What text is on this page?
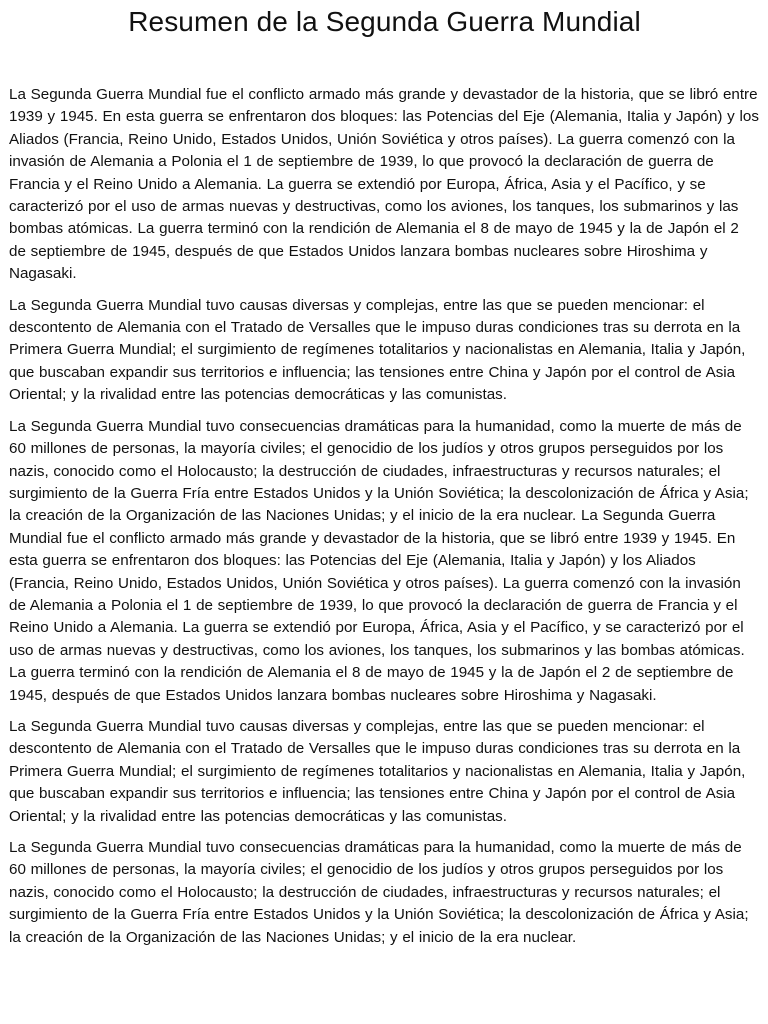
Resumen de la Segunda Guerra Mundial

La Segunda Guerra Mundial fue el conflicto armado más grande y devastador de la historia, que se libró entre 1939 y 1945. En esta guerra se enfrentaron dos bloques: las Potencias del Eje (Alemania, Italia y Japón) y los Aliados (Francia, Reino Unido, Estados Unidos, Unión Soviética y otros países). La guerra comenzó con la invasión de Alemania a Polonia el 1 de septiembre de 1939, lo que provocó la declaración de guerra de Francia y el Reino Unido a Alemania. La guerra se extendió por Europa, África, Asia y el Pacífico, y se caracterizó por el uso de armas nuevas y destructivas, como los aviones, los tanques, los submarinos y las bombas atómicas. La guerra terminó con la rendición de Alemania el 8 de mayo de 1945 y la de Japón el 2 de septiembre de 1945, después de que Estados Unidos lanzara bombas nucleares sobre Hiroshima y Nagasaki.

La Segunda Guerra Mundial tuvo causas diversas y complejas, entre las que se pueden mencionar: el descontento de Alemania con el Tratado de Versalles que le impuso duras condiciones tras su derrota en la Primera Guerra Mundial; el surgimiento de regímenes totalitarios y nacionalistas en Alemania, Italia y Japón, que buscaban expandir sus territorios e influencia; las tensiones entre China y Japón por el control de Asia Oriental; y la rivalidad entre las potencias democráticas y las comunistas.

La Segunda Guerra Mundial tuvo consecuencias dramáticas para la humanidad, como la muerte de más de 60 millones de personas, la mayoría civiles; el genocidio de los judíos y otros grupos perseguidos por los nazis, conocido como el Holocausto; la destrucción de ciudades, infraestructuras y recursos naturales; el surgimiento de la Guerra Fría entre Estados Unidos y la Unión Soviética; la descolonización de África y Asia; la creación de la Organización de las Naciones Unidas; y el inicio de la era nuclear. La Segunda Guerra Mundial fue el conflicto armado más grande y devastador de la historia, que se libró entre 1939 y 1945. En esta guerra se enfrentaron dos bloques: las Potencias del Eje (Alemania, Italia y Japón) y los Aliados (Francia, Reino Unido, Estados Unidos, Unión Soviética y otros países). La guerra comenzó con la invasión de Alemania a Polonia el 1 de septiembre de 1939, lo que provocó la declaración de guerra de Francia y el Reino Unido a Alemania. La guerra se extendió por Europa, África, Asia y el Pacífico, y se caracterizó por el uso de armas nuevas y destructivas, como los aviones, los tanques, los submarinos y las bombas atómicas. La guerra terminó con la rendición de Alemania el 8 de mayo de 1945 y la de Japón el 2 de septiembre de 1945, después de que Estados Unidos lanzara bombas nucleares sobre Hiroshima y Nagasaki.

La Segunda Guerra Mundial tuvo causas diversas y complejas, entre las que se pueden mencionar: el descontento de Alemania con el Tratado de Versalles que le impuso duras condiciones tras su derrota en la Primera Guerra Mundial; el surgimiento de regímenes totalitarios y nacionalistas en Alemania, Italia y Japón, que buscaban expandir sus territorios e influencia; las tensiones entre China y Japón por el control de Asia Oriental; y la rivalidad entre las potencias democráticas y las comunistas.

La Segunda Guerra Mundial tuvo consecuencias dramáticas para la humanidad, como la muerte de más de 60 millones de personas, la mayoría civiles; el genocidio de los judíos y otros grupos perseguidos por los nazis, conocido como el Holocausto; la destrucción de ciudades, infraestructuras y recursos naturales; el surgimiento de la Guerra Fría entre Estados Unidos y la Unión Soviética; la descolonización de África y Asia; la creación de la Organización de las Naciones Unidas; y el inicio de la era nuclear.
